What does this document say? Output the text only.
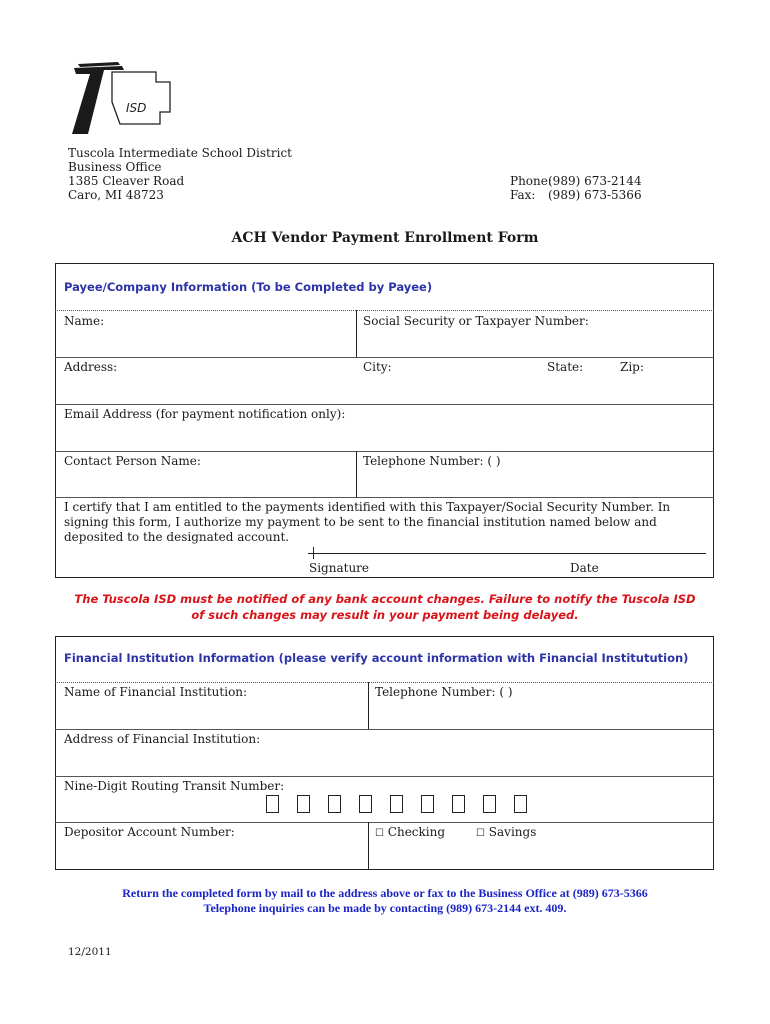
ISD
Tuscola Intermediate School District
Business Office
1385 Cleaver Road
Caro, MI 48723
Phone:(989) 673-2144
Fax: (989) 673-5366
ACH Vendor Payment Enrollment Form
Payee/Company Information (To be Completed by Payee)
Name:	Social Security or Taxpayer Number:
Address:	City:	State:	Zip:
Email Address (for payment notification only):
Contact Person Name:	Telephone Number: ( )
I certify that I am entitled to the payments identified with this Taxpayer/Social Security Number. In signing this form, I authorize my payment to be sent to the financial institution named below and deposited to the designated account.
Signature	Date
The Tuscola ISD must be notified of any bank account changes. Failure to notify the Tuscola ISD
of such changes may result in your payment being delayed.
Financial Institution Information (please verify account information with Financial Institutution)
Name of Financial Institution:	Telephone Number: ( )
Address of Financial Institution:
Nine-Digit Routing Transit Number:
Depositor Account Number:	☐ Checking	☐ Savings
Return the completed form by mail to the address above or fax to the Business Office at (989) 673-5366
Telephone inquiries can be made by contacting (989) 673-2144 ext. 409.
12/2011
